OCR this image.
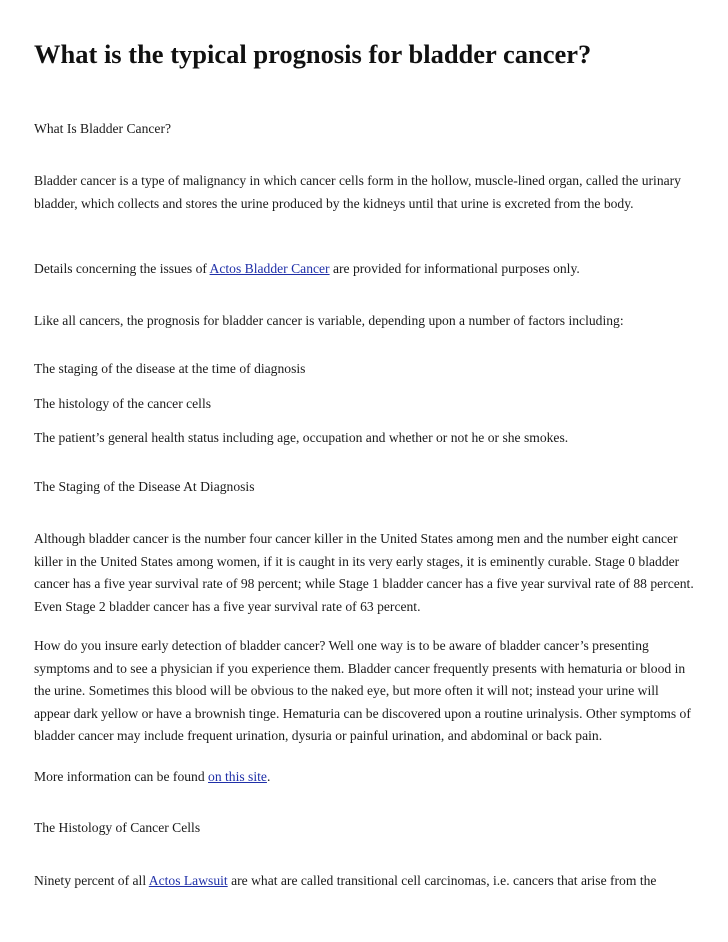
What is the typical prognosis for bladder cancer?

What Is Bladder Cancer?

Bladder cancer is a type of malignancy in which cancer cells form in the hollow, muscle-lined organ, called the urinary bladder, which collects and stores the urine produced by the kidneys until that urine is excreted from the body.

Details concerning the issues of Actos Bladder Cancer are provided for informational purposes only.

Like all cancers, the prognosis for bladder cancer is variable, depending upon a number of factors including:

The staging of the disease at the time of diagnosis

The histology of the cancer cells

The patient’s general health status including age, occupation and whether or not he or she smokes.

The Staging of the Disease At Diagnosis

Although bladder cancer is the number four cancer killer in the United States among men and the number eight cancer killer in the United States among women, if it is caught in its very early stages, it is eminently curable. Stage 0 bladder cancer has a five year survival rate of 98 percent; while Stage 1 bladder cancer has a five year survival rate of 88 percent. Even Stage 2 bladder cancer has a five year survival rate of 63 percent.

How do you insure early detection of bladder cancer? Well one way is to be aware of bladder cancer’s presenting symptoms and to see a physician if you experience them. Bladder cancer frequently presents with hematuria or blood in the urine. Sometimes this blood will be obvious to the naked eye, but more often it will not; instead your urine will appear dark yellow or have a brownish tinge. Hematuria can be discovered upon a routine urinalysis. Other symptoms of bladder cancer may include frequent urination, dysuria or painful urination, and abdominal or back pain.

More information can be found on this site.

The Histology of Cancer Cells

Ninety percent of all Actos Lawsuit are what are called transitional cell carcinomas, i.e. cancers that arise from the
